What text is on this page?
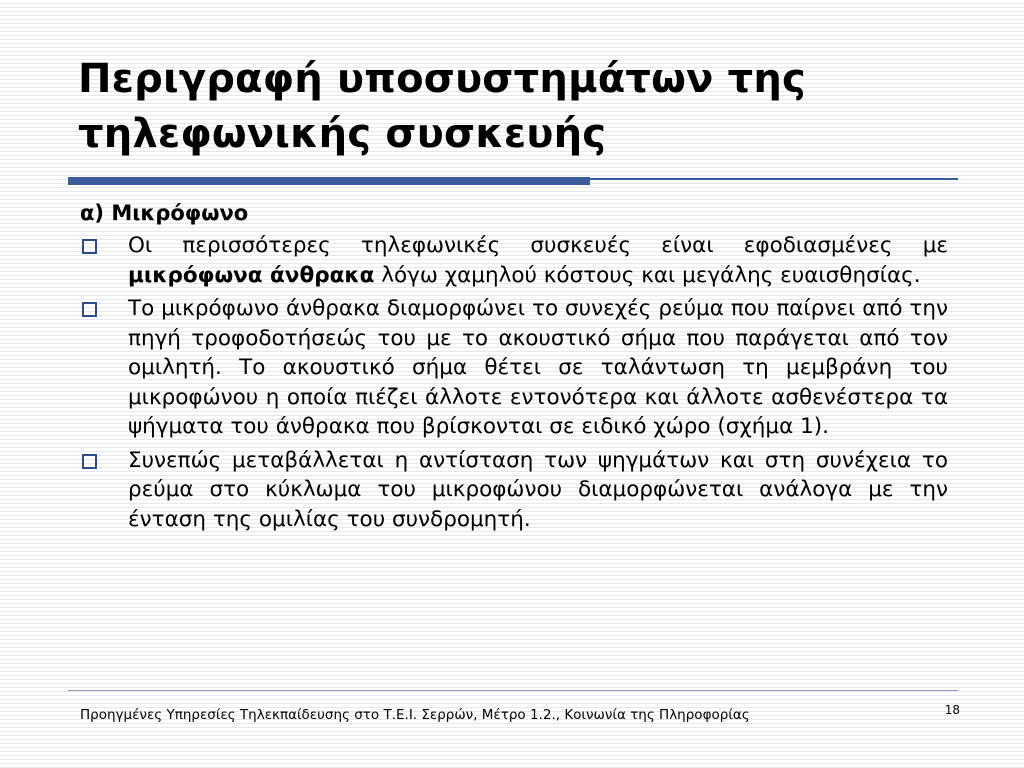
Περιγραφή υποσυστημάτων της τηλεφωνικής συσκευής
α) Μικρόφωνο
Οι περισσότερες τηλεφωνικές συσκευές είναι εφοδιασμένες με μικρόφωνα άνθρακα λόγω χαμηλού κόστους και μεγάλης ευαισθησίας.
Το μικρόφωνο άνθρακα διαμορφώνει το συνεχές ρεύμα που παίρνει από την πηγή τροφοδοτήσεώς του με το ακουστικό σήμα που παράγεται από τον ομιλητή. Το ακουστικό σήμα θέτει σε ταλάντωση τη μεμβράνη του μικροφώνου η οποία πιέζει άλλοτε εντονότερα και άλλοτε ασθενέστερα τα ψήγματα του άνθρακα που βρίσκονται σε ειδικό χώρο (σχήμα 1).
Συνεπώς μεταβάλλεται η αντίσταση των ψηγμάτων και στη συνέχεια το ρεύμα στο κύκλωμα του μικροφώνου διαμορφώνεται ανάλογα με την ένταση της ομιλίας του συνδρομητή.
Προηγμένες Υπηρεσίες Τηλεκπαίδευσης στο Τ.Ε.Ι. Σερρών, Μέτρο 1.2., Κοινωνία της Πληροφορίας	18
